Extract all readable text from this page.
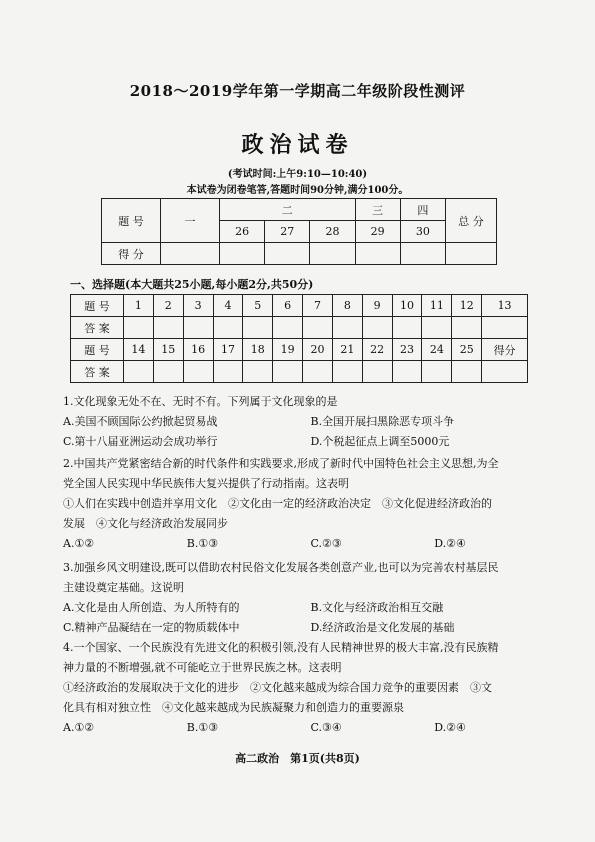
2018～2019学年第一学期高二年级阶段性测评
政治试卷
(考试时间:上午9:10—10:40)
本试卷为闭卷笔答,答题时间90分钟,满分100分。
题 号	一	二			三	四	总 分
		26	27	28	29	30	
得 分							
一、选择题(本大题共25小题,每小题2分,共50分)
题 号	1	2	3	4	5	6	7	8	9	10	11	12	13
答 案													
题 号	14	15	16	17	18	19	20	21	22	23	24	25	得分
答 案													
1.文化现象无处不在、无时不有。下列属于文化现象的是
A.美国不顾国际公约掀起贸易战	B.全国开展扫黑除恶专项斗争
C.第十八届亚洲运动会成功举行	D.个税起征点上调至5000元
2.中国共产党紧密结合新的时代条件和实践要求,形成了新时代中国特色社会主义思想,为全
党全国人民实现中华民族伟大复兴提供了行动指南。这表明
①人们在实践中创造并享用文化　②文化由一定的经济政治决定　③文化促进经济政治的
发展　④文化与经济政治发展同步
A.①②	B.①③	C.②③	D.②④
3.加强乡风文明建设,既可以借助农村民俗文化发展各类创意产业,也可以为完善农村基层民
主建设奠定基础。这说明
A.文化是由人所创造、为人所特有的	B.文化与经济政治相互交融
C.精神产品凝结在一定的物质载体中	D.经济政治是文化发展的基础
4.一个国家、一个民族没有先进文化的积极引领,没有人民精神世界的极大丰富,没有民族精
神力量的不断增强,就不可能屹立于世界民族之林。这表明
①经济政治的发展取决于文化的进步　②文化越来越成为综合国力竞争的重要因素　③文
化具有相对独立性　④文化越来越成为民族凝聚力和创造力的重要源泉
A.①②	B.①③	C.③④	D.②④
高二政治　第1页(共8页)
